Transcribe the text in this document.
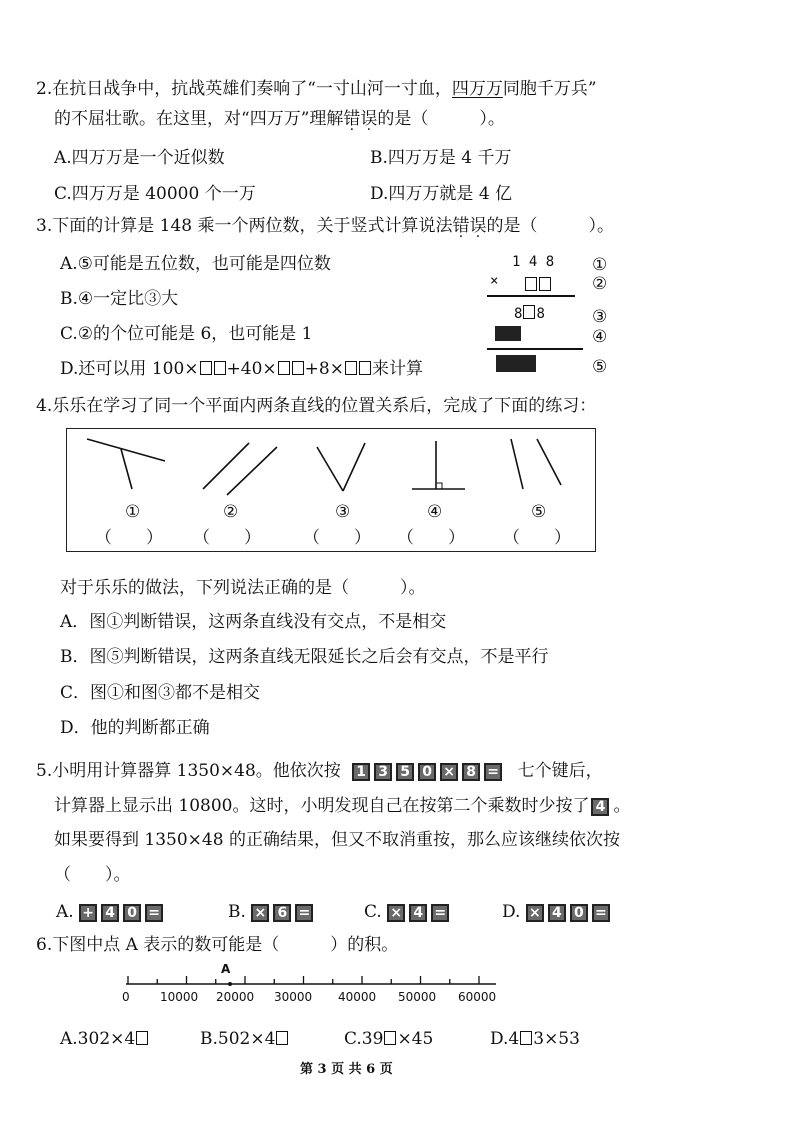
2.在抗日战争中，抗战英雄们奏响了“一寸山河一寸血，四万万同胞千万兵”
的不屈壮歌。在这里，对“四万万”理解错误的是（　　　）。
A.四万万是一个近似数	B.四万万是 4 千万
C.四万万是 40000 个一万	D.四万万就是 4 亿
3.下面的计算是 148 乘一个两位数，关于竖式计算说法错误的是（　　　）。
A.⑤可能是五位数，也可能是四位数
B.④一定比③大
C.②的个位可能是 6，也可能是 1
D.还可以用 100× +40× +8× 来计算
1 4 8
×
8 8
①
②
③
④
⑤
4.乐乐在学习了同一个平面内两条直线的位置关系后，完成了下面的练习：
①	②	③	④	⑤
（　　） （　　） （　　） （　　） （　　）
对于乐乐的做法，下列说法正确的是（　　　）。
A．图①判断错误，这两条直线没有交点，不是相交
B．图⑤判断错误，这两条直线无限延长之后会有交点，不是平行
C．图①和图③都不是相交
D．他的判断都正确
5.小明用计算器算 1350×48。他依次按 1 3 5 0 × 8 = 七个键后，
计算器上显示出 10800。这时，小明发现自己在按第二个乘数时少按了 4 。
如果要得到 1350×48 的正确结果，但又不取消重按，那么应该继续依次按
（　　）。
A. + 4 0 =	B. × 6 =	C. × 4 =	D. × 4 0 =
6.下图中点 A 表示的数可能是（　　　）的积。
A
0	10000 20000 30000 40000 50000 60000
A.302×4	B.502×4	C.39 ×45	D.4 3×53
第 3 页 共 6 页
